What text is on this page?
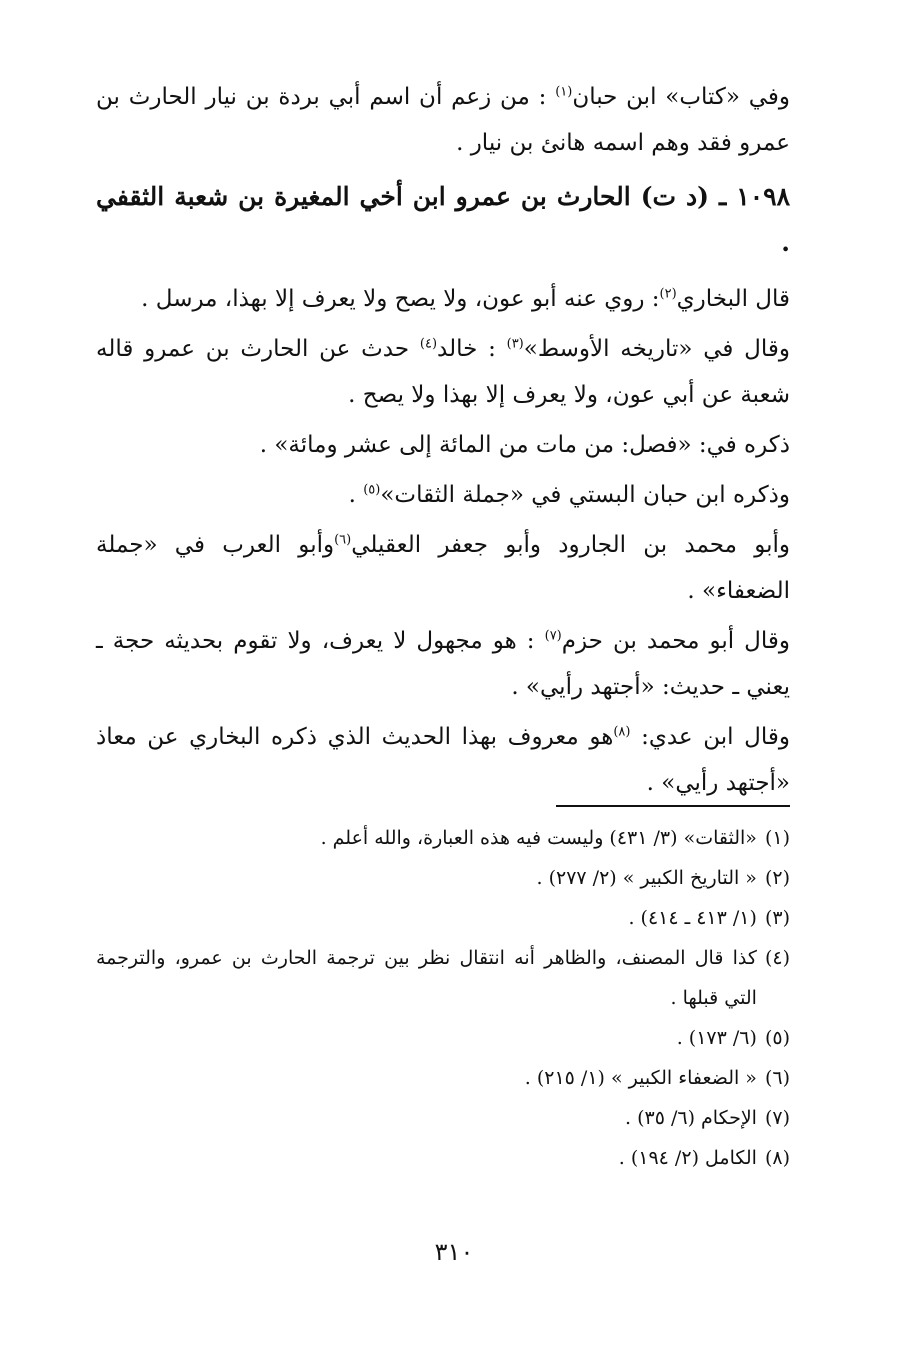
وفي «كتاب» ابن حبان$^{(١)}$ : من زعم أن اسم أبي بردة بن نيار الحارث بن عمرو فقد وهم اسمه هانئ بن نيار .

١٠٩٨ ـ (د ت) الحارث بن عمرو ابن أخي المغيرة بن شعبة الثقفي .

قال البخاري$^{(٢)}$: روي عنه أبو عون، ولا يصح ولا يعرف إلا بهذا، مرسل .

وقال في «تاريخه الأوسط»$^{(٣)}$ : خالد$^{(٤)}$ حدث عن الحارث بن عمرو قاله شعبة عن أبي عون، ولا يعرف إلا بهذا ولا يصح .

ذكره في: «فصل: من مات من المائة إلى عشر ومائة» .

وذكره ابن حبان البستي في «جملة الثقات»$^{(٥)}$ .

وأبو محمد بن الجارود وأبو جعفر العقيلي$^{(٦)}$وأبو العرب في «جملة الضعفاء» .

وقال أبو محمد بن حزم$^{(٧)}$ : هو مجهول لا يعرف، ولا تقوم بحديثه حجة ـ يعني ـ حديث: «أجتهد رأيي» .

وقال ابن عدي: $^{(٨)}$هو معروف بهذا الحديث الذي ذكره البخاري عن معاذ «أجتهد رأيي» .

(١)
«الثقات» (٣/ ٤٣١) وليست فيه هذه العبارة، والله أعلم .
(٢)
« التاريخ الكبير » (٢/ ٢٧٧) .
(٣)
(١/ ٤١٣ ـ ٤١٤) .
(٤)
كذا قال المصنف، والظاهر أنه انتقال نظر بين ترجمة الحارث بن عمرو، والترجمة التي قبلها .
(٥)
(٦/ ١٧٣) .
(٦)
« الضعفاء الكبير » (١/ ٢١٥) .
(٧)
الإحكام (٦/ ٣٥) .
(٨)
الكامل (٢/ ١٩٤) .
٣١٠
